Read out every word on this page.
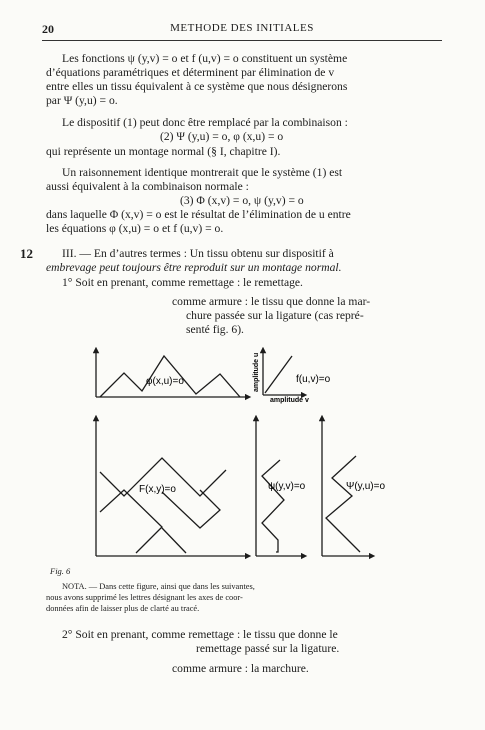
20	METHODE DES INITIALES
Les fonctions ψ (y,v) = o et f (u,v) = o constituent un système
d’équations paramétriques et déterminent par élimination de v
entre elles un tissu équivalent à ce système que nous désignerons
par Ψ (y,u) = o.
Le dispositif (1) peut donc être remplacé par la combinaison :
(2) Ψ (y,u) = o, φ (x,u) = o
qui représente un montage normal (§ I, chapitre I).
Un raisonnement identique montrerait que le système (1) est
aussi équivalent à la combinaison normale :
(3) Φ (x,v) = o, ψ (y,v) = o
dans laquelle Φ (x,v) = o est le résultat de l’élimination de u entre
les équations φ (x,u) = o et f (u,v) = o.
12	III. — En d’autres termes : Un tissu obtenu sur dispositif à
embrevage peut toujours être reproduit sur un montage normal.
1° Soit en prenant, comme remettage : le remettage.
comme armure : le tissu que donne la mar-
chure passée sur la ligature (cas repré-
senté fig. 6).
φ(x,u)=o	f(u,v)=o
F(x,y)=o	ψ(y,v)=o	Ψ(y,u)=o
amplitude v
amplitude u
Fig. 6
NOTA. — Dans cette figure, ainsi que dans les suivantes,
nous avons supprimé les lettres désignant les axes de coor-
données afin de laisser plus de clarté au tracé.
2° Soit en prenant, comme remettage : le tissu que donne le
remettage passé sur la ligature.
comme armure : la marchure.
